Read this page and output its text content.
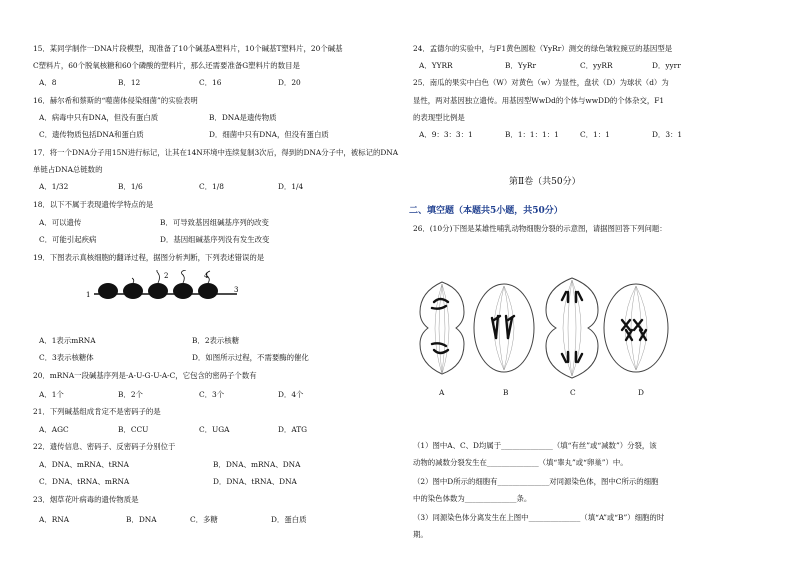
15．某同学制作一DNA片段模型，现准备了10个碱基A塑料片，10个碱基T塑料片，20个碱基
C塑料片，60个脱氧核糖和60个磷酸的塑料片，那么还需要准备G塑料片的数目是
A．8	B．12	C．16	D．20
16．赫尔希和蔡斯的“噬菌体侵染细菌”的实验表明
A．病毒中只有DNA，但没有蛋白质	B．DNA是遗传物质
C．遗传物质包括DNA和蛋白质	D．细菌中只有DNA，但没有蛋白质
17．将一个DNA分子用15N进行标记，让其在14N环境中连续复制3次后，得到的DNA分子中，被标记的DNA
单链占DNA总链数的
A．1/32	B．1/6	C．1/8	D．1/4
18．以下不属于表现遗传学特点的是
A．可以遗传	B．可导致基因组碱基序列的改变
C．可能引起疾病	D．基因组碱基序列没有发生改变
19．下图表示真核细胞的翻译过程，据图分析判断，下列表述错误的是
1
2
3
4
A．1表示mRNA	B．2表示核糖
C．3表示核糖体	D．如图所示过程，不需要酶的催化
20．mRNA一段碱基序列是·A-U-G-U-A-C，它包含的密码子个数有
A．1个	B．2个	C．3个	D．4个
21．下列碱基组成肯定不是密码子的是
A．AGC	B．CCU	C．UGA	D．ATG
22．遗传信息、密码子、反密码子分别位于
A．DNA、mRNA、tRNA	B．DNA、mRNA、DNA
C．DNA、tRNA、mRNA	D．DNA、tRNA、DNA
23．烟草花叶病毒的遗传物质是
A．RNA	B．DNA	C．多糖	D．蛋白质
24．孟德尔的实验中，与F1黄色圆粒（YyRr）测交的绿色皱粒豌豆的基因型是
A．YYRR	B．YyRr	C．yyRR	D．yyrr
25．南瓜的果实中白色（W）对黄色（w）为显性，盘状（D）为球状（d）为
显性，两对基因独立遗传。用基因型WwDd的个体与wwDD的个体杂交，F1
的表现型比例是
A．9：3：3：1	B．1：1：1：1	C．1：1	D．3：1
第Ⅱ卷（共50分）
二、填空题（本题共5小题，共50分）
26．(10分)下图是某雄性哺乳动物细胞分裂的示意图，请据图回答下列问题：
A	B	C	D
（1）图中A、C、D均属于______________（填“有丝”或“减数”）分裂，该
动物的减数分裂发生在______________（填“睾丸”或“卵巢”）中。
（2）图中D所示的细胞有______________对同源染色体，图中C所示的细胞
中的染色体数为______________条。
（3）同源染色体分离发生在上图中______________（填“A”或“B”）细胞的时
期。
